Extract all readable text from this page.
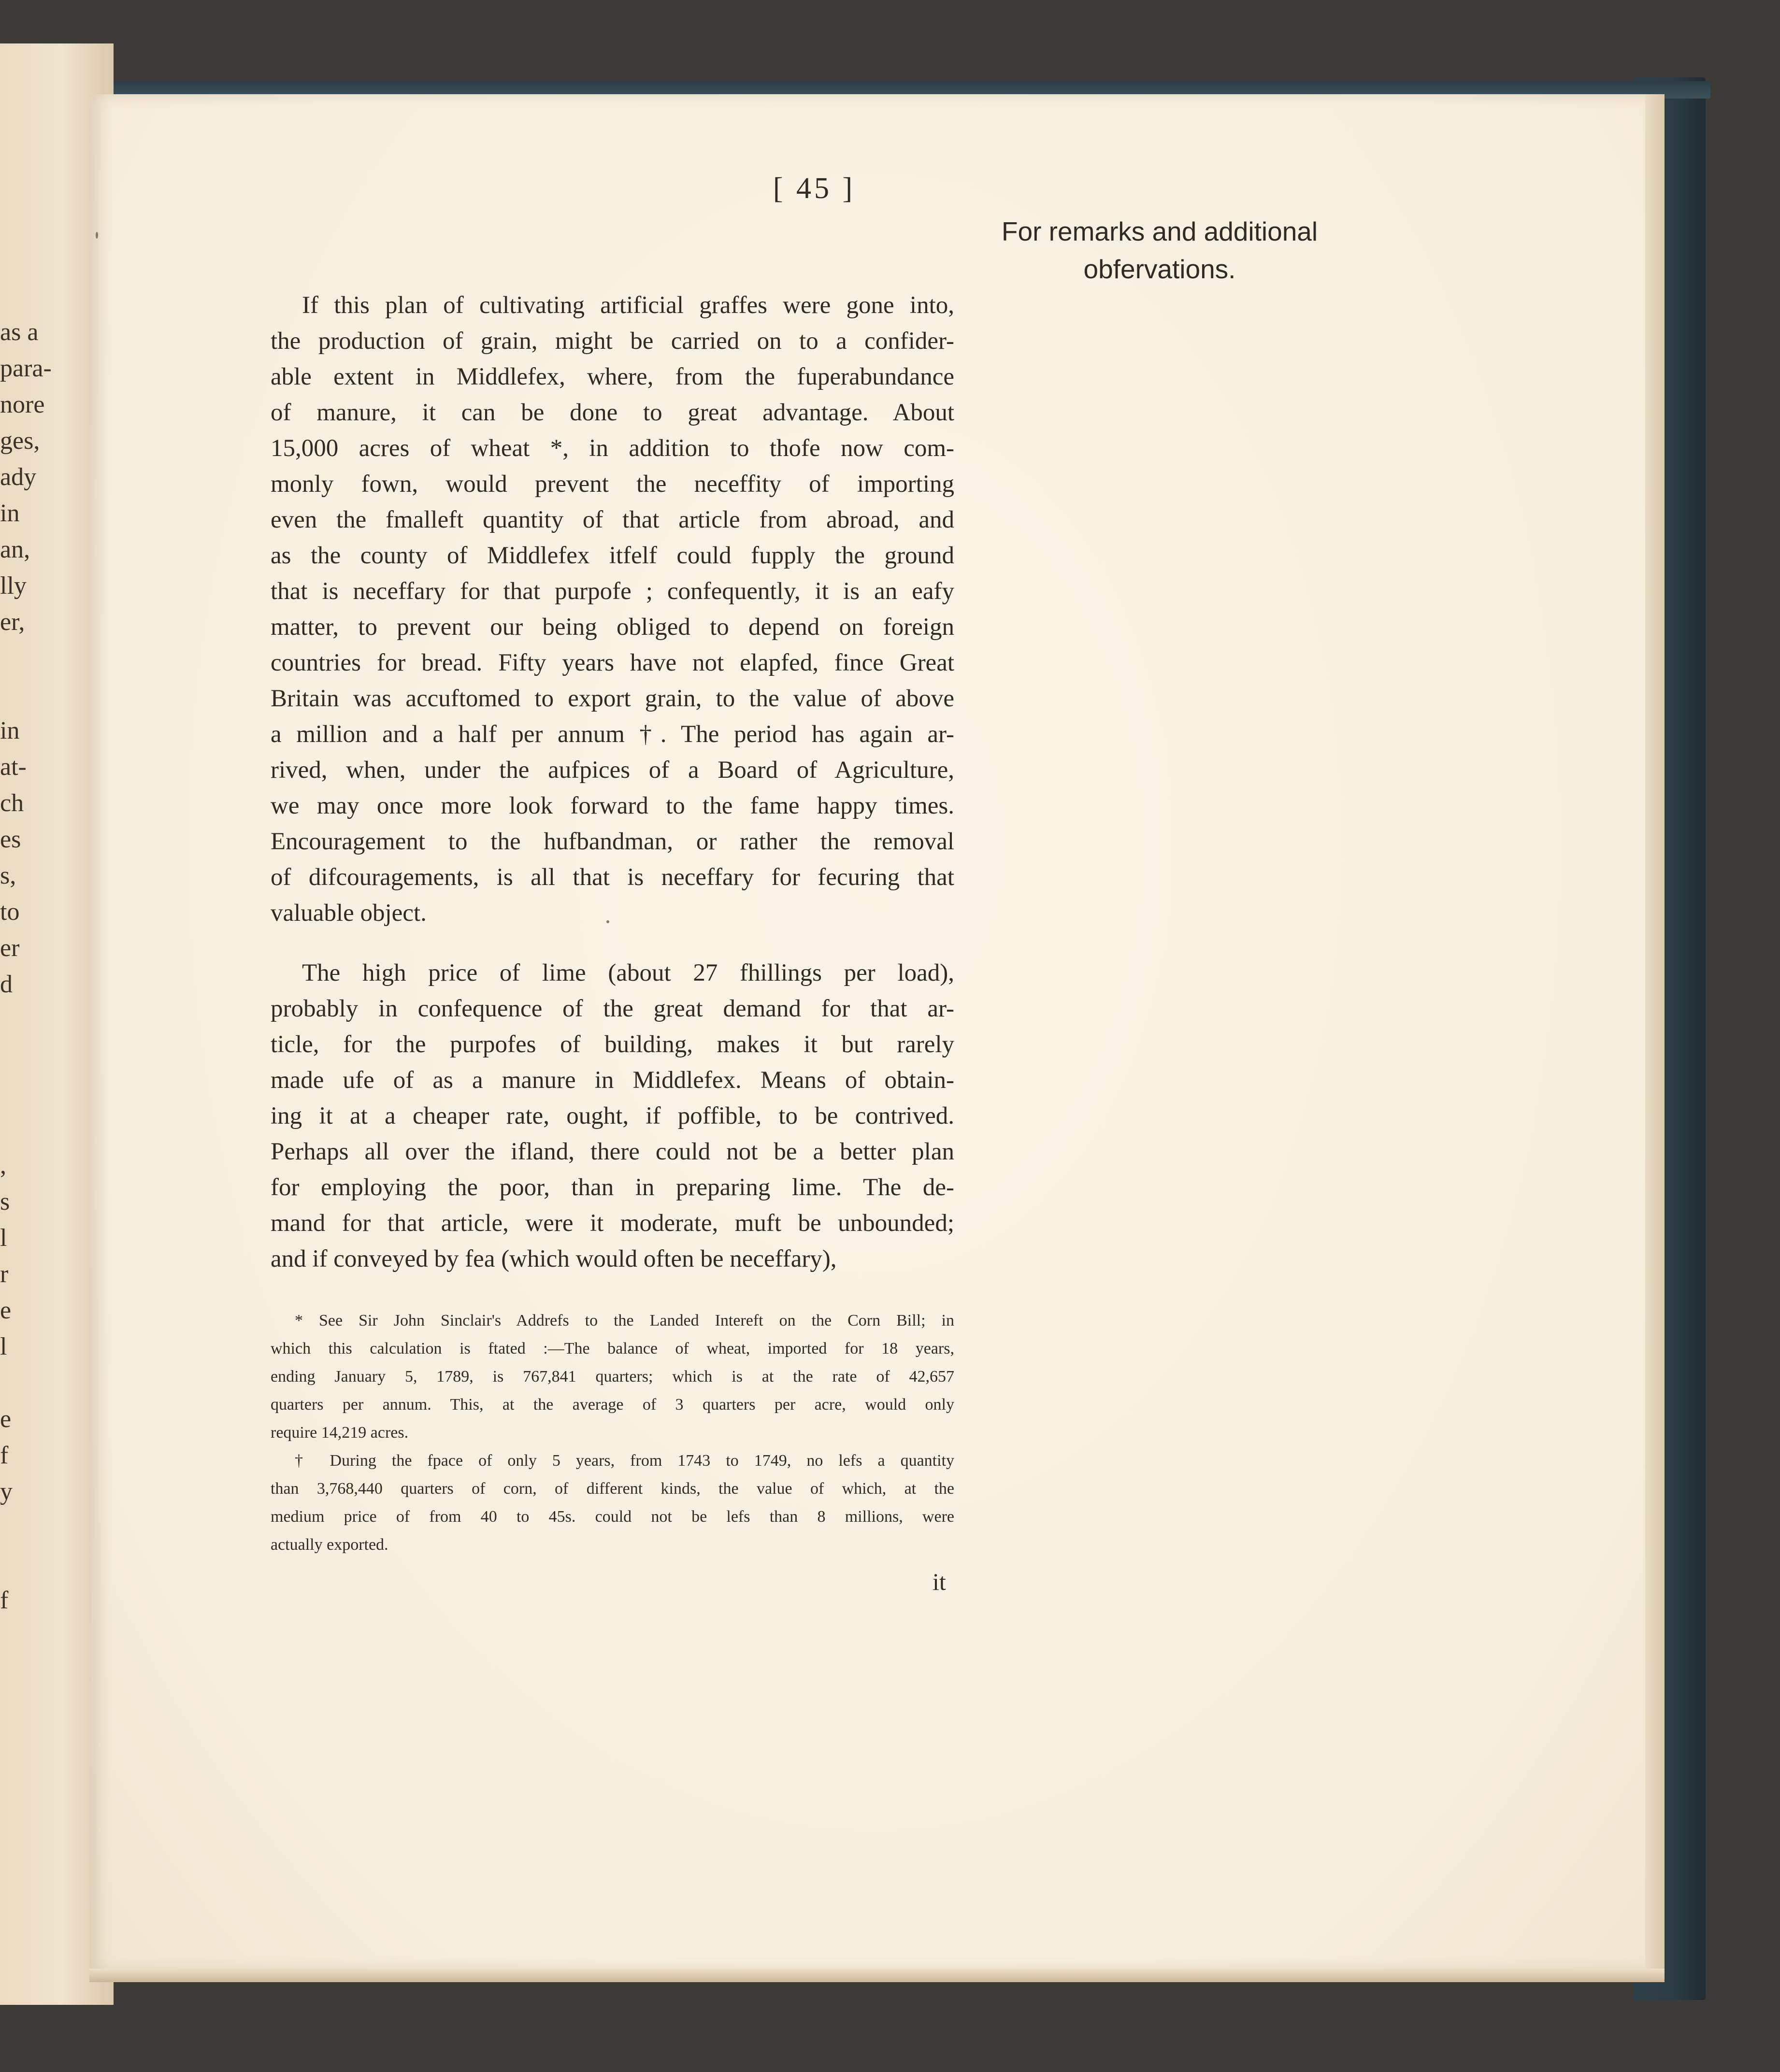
as a
para-
nore
ges,
ady
in
an,
lly
er,
in
at-
ch
es
s,
to
er
d
,
s
l
r
e
l
e
f
y
f
[ 45 ]
For remarks and additional
obfervations.
If this plan of cultivating artificial graffes were gone into,
the production of grain, might be carried on to a confider-
able extent in Middlefex, where, from the fuperabundance
of manure, it can be done to great advantage. About
15,000 acres of wheat *, in addition to thofe now com-
monly fown, would prevent the neceffity of importing
even the fmalleft quantity of that article from abroad, and
as the county of Middlefex itfelf could fupply the ground
that is neceffary for that purpofe ; confequently, it is an eafy
matter, to prevent our being obliged to depend on foreign
countries for bread. Fifty years have not elapfed, fince Great
Britain was accuftomed to export grain, to the value of above
a million and a half per annum †. The period has again ar-
rived, when, under the aufpices of a Board of Agriculture,
we may once more look forward to the fame happy times.
Encouragement to the hufbandman, or rather the removal
of difcouragements, is all that is neceffary for fecuring that
valuable object.
The high price of lime (about 27 fhillings per load),
probably in confequence of the great demand for that ar-
ticle, for the purpofes of building, makes it but rarely
made ufe of as a manure in Middlefex. Means of obtain-
ing it at a cheaper rate, ought, if poffible, to be contrived.
Perhaps all over the ifland, there could not be a better plan
for employing the poor, than in preparing lime. The de-
mand for that article, were it moderate, muft be unbounded;
and if conveyed by fea (which would often be neceffary),
* See Sir John Sinclair's Addrefs to the Landed Intereft on the Corn Bill; in
which this calculation is ftated :—The balance of wheat, imported for 18 years,
ending January 5, 1789, is 767,841 quarters; which is at the rate of 42,657
quarters per annum. This, at the average of 3 quarters per acre, would only
require 14,219 acres.
† During the fpace of only 5 years, from 1743 to 1749, no lefs a quantity
than 3,768,440 quarters of corn, of different kinds, the value of which, at the
medium price of from 40 to 45s. could not be lefs than 8 millions, were
actually exported.
it
